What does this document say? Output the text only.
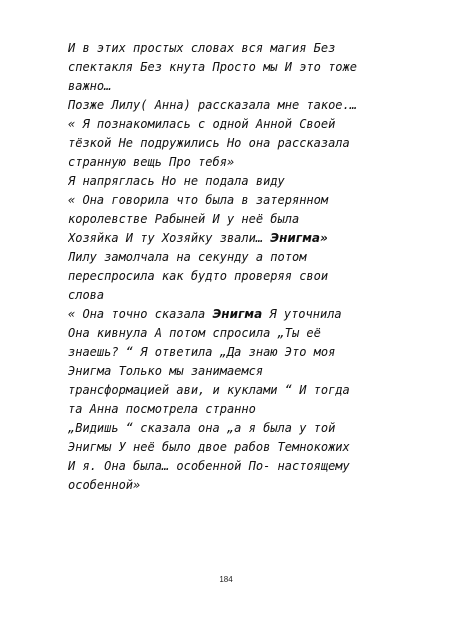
И в этих простых словах вся магия Без
спектакля Без кнута Просто мы И это тоже
важно…
Позже Лилу( Анна) рассказала мне такое.…
« Я познакомилась с одной Анной Своей
тёзкой Не подружились Но она рассказала
странную вещь Про тебя»
Я напряглась Но не подала виду
« Она говорила что была в затерянном
королевстве Рабыней И у неё была
Хозяйка И ту Хозяйку звали… Энигма»
Лилу замолчала на секунду а потом
переспросила как будто проверяя свои
слова
« Она точно сказала Энигма Я уточнила
Она кивнула А потом спросила „Ты её
знаешь? “ Я ответила „Да знаю Это моя
Энигма Только мы занимаемся
трансформацией ави, и куклами “ И тогда
та Анна посмотрела странно
„Видишь “ сказала она „а я была у той
Энигмы У неё было двое рабов Темнокожих
И я. Она была… особенной По- настоящему
особенной»
184
